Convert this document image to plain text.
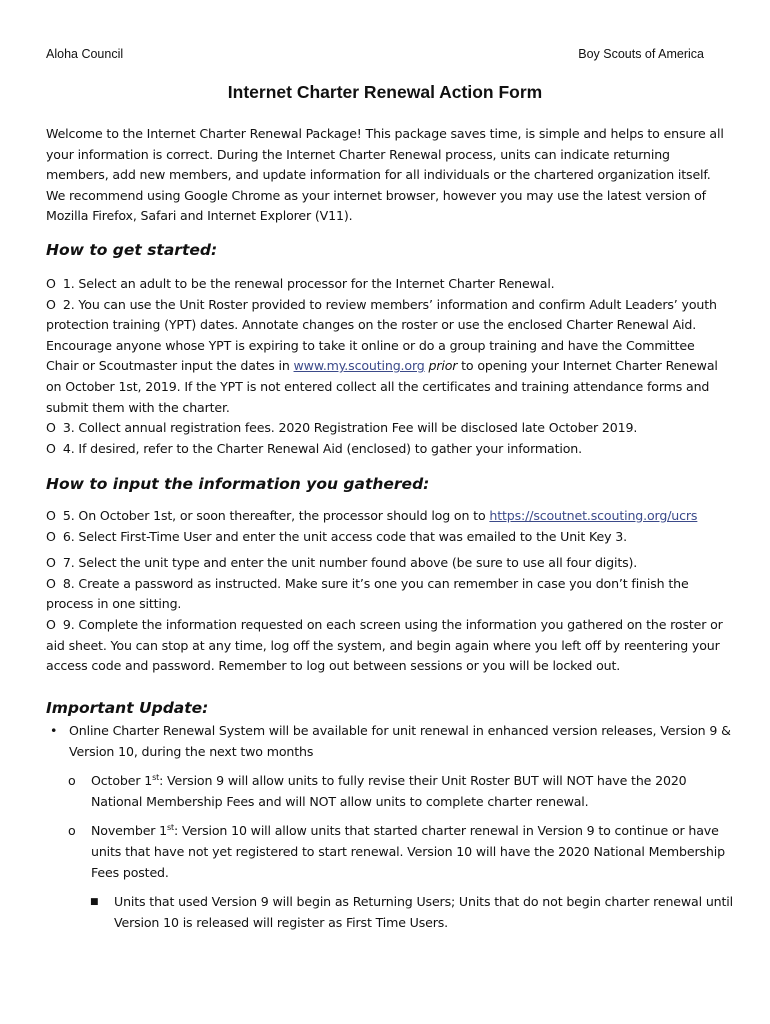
Aloha Council	Boy Scouts of America
Internet Charter Renewal Action Form
Welcome to the Internet Charter Renewal Package! This package saves time, is simple and helps to ensure all your information is correct. During the Internet Charter Renewal process, units can indicate returning members, add new members, and update information for all individuals or the chartered organization itself. We recommend using Google Chrome as your internet browser, however you may use the latest version of Mozilla Firefox, Safari and Internet Explorer (V11).
How to get started:

O 1. Select an adult to be the renewal processor for the Internet Charter Renewal.

O 2. You can use the Unit Roster provided to review members’ information and confirm Adult Leaders’ youth protection training (YPT) dates. Annotate changes on the roster or use the enclosed Charter Renewal Aid. Encourage anyone whose YPT is expiring to take it online or do a group training and have the Committee Chair or Scoutmaster input the dates in www.my.scouting.org prior to opening your Internet Charter Renewal on October 1st, 2019. If the YPT is not entered collect all the certificates and training attendance forms and submit them with the charter.

O 3. Collect annual registration fees. 2020 Registration Fee will be disclosed late October 2019.

O 4. If desired, refer to the Charter Renewal Aid (enclosed) to gather your information.

How to input the information you gathered:

O 5. On October 1st, or soon thereafter, the processor should log on to https://scoutnet.scouting.org/ucrs

O 6. Select First-Time User and enter the unit access code that was emailed to the Unit Key 3.

O 7. Select the unit type and enter the unit number found above (be sure to use all four digits).

O 8. Create a password as instructed. Make sure it’s one you can remember in case you don’t finish the process in one sitting.

O 9. Complete the information requested on each screen using the information you gathered on the roster or aid sheet. You can stop at any time, log off the system, and begin again where you left off by reentering your access code and password. Remember to log out between sessions or you will be locked out.

Important Update:
• Online Charter Renewal System will be available for unit renewal in enhanced version releases, Version 9 & Version 10, during the next two months
o October 1st: Version 9 will allow units to fully revise their Unit Roster BUT will NOT have the 2020 National Membership Fees and will NOT allow units to complete charter renewal.
o November 1st: Version 10 will allow units that started charter renewal in Version 9 to continue or have units that have not yet registered to start renewal. Version 10 will have the 2020 National Membership Fees posted.
■ Units that used Version 9 will begin as Returning Users; Units that do not begin charter renewal until Version 10 is released will register as First Time Users.
